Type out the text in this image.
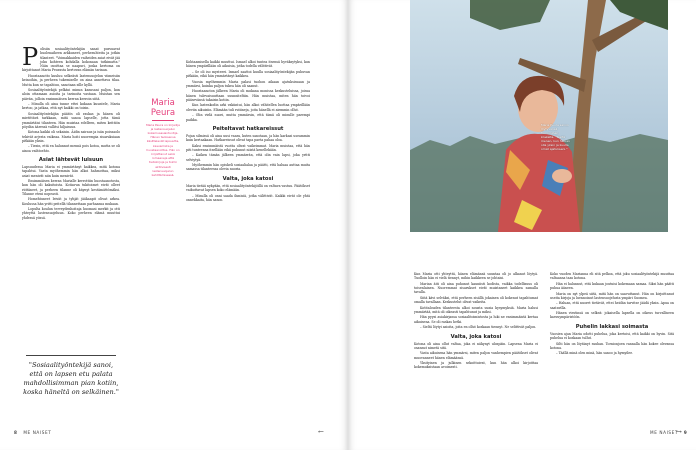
P olisiin sosiaalityöntekijän sanat pursuavat huolenaiheen arkkuneet, perhesuhteita ja jotkin tilanteet. "Voimakkaiden vaiheiden asiat eivät jää joku kohteen kohdalla kokonaan tutkimatta." Näin osoittaa se naapuri, jonka kertoma on kirjoittanut Maria Peurasta kertovan elämän tarinan.

Huostaanotto kuuluu selkeästi lastensuojelun viimeisiin keinoihin, ja perheen tukemiselle on aina annettava tilaa. Mutta kun se tapahtuu, sanotaan sille kyllä.

Sosiaalityöntekijä pelkäsi minun kanssani paljon, kun aloin ottamaan asioita ja tarinoita vastaan. Muistan sen päivän, jolloin ensimmäisen kerran kerroin siitä.

– Minulla oli aina tunne ettei kukaan kuuntele, Maria kertoo, ja jatkaa, että nyt kaikki on toisin.

Sosiaalityöntekijän päätös oli raskas ja hänen oli mietittävä tarkkaan, mitä sanoa lapselle, jotta tämä ymmärtäisi tilanteen. Hän muistaa edelleen, miten keittiön pöydän ääressä vallitsi hiljaisuus.

Kotona kaikki oli sekaisin. Äidin sairaus ja isän poissaolo tekivät arjesta vaikeaa. Maria hoiti nuorempia sisaruksiaan pitkään yksin.

– Tiesin, että en halunnut mennä pois kotoa, mutta se oli ainoa vaihtoehto.

Asiat lähtevät luisuun

Lapsuudessa Maria ei ymmärtänyt kaikkea, mitä kotona tapahtui. Vasta myöhemmin hän alkoi hahmottaa, miksi asiat menivät niin kuin menivät.

Ensimmäisen kerran Marialle kerrottiin huostaanotosta, kun hän oli kaksitoista. Kotiavun tukitoimet eivät olleet riittäneet, ja perheen tilanne oli käynyt kestämättömäksi. Tilanne eteni nopeasti.

Homehtuneet leivät ja tyhjät jääkaapit olivat arkea. Koulussa hän yritti peitellä tilannettaan parhaansa mukaan.

Lopulta koulun terveydenhoitaja huomasi merkit ja otti yhteyttä lastensuojeluun. Koko perheen elämä muuttui yhdessä yössä.

"Sosiaalityöntekijä sanoi, että on lapsen etu palata mahdollisimman pian kotiin, koska häneltä on selkäinen."
Maria
Peura
Maria Peura on kirjailija ja lastensuojelun kokemusasiantuntija. Hänen teoksensa käsittelevät lapsuutta, kasvamista ja huostaanottoa. Hän on kirjoittanut sekä romaaneja että tietokirjoja ja toimii aktiivisesti lastensuojelun kehittämisessä.

Kohtaamisella kaikki muuttui. Ismael alkoi tuntea itsensä hyväksytyksi, kun hänen ympärillään oli aikuisia, jotka todella välittivät.

– Se oli iso mysteeri. Ismael saattoi kuulla sosiaalityöntekijän puhuvan pitkään, eikä hän ymmärtänyt kaikkea.

Vuosia myöhemmin Maria palasi tuohon aikaan ajatuksissaan ja ymmärsi, kuinka paljon tukea hän oli saanut.

Huostaanoton jälkeen Maria oli mukana monissa keskusteluissa, joissa hänen tulevaisuuttaan suunniteltiin. Hän muistaa, miten hän toivoi pääsevänsä takaisin kotiin.

Kun lastenkodin arki vakiintui, hän alkoi vähitellen luottaa ympärillään oleviin aikuisiin. Elämään tuli rutiineja, joita hänellä ei aiemmin ollut.

– Olin vielä nuori, mutta ymmärsin, että tämä oli minulle parempi paikka.

Peiteltavat hatkareissut

Pojan silmissä oli aina uusi vaara, kuten sanotaan, ja hän karkasi useammin kuin kertaakaan. Hatkareissut olivat tapa paeta pahaa oloa.

Kaksi ensimmäistä vuotta olivat vaikeimmat. Maria muistaa, että hän piti tunteensa itsellään eikä puhunut niistä kenellekään.

– Kaiken tämän jälkeen ymmärrän, että olin vain lapsi, joka yritti selviytyä.

Myöhemmin hän opiskeli sosiaalialaa ja päätti, että haluaa auttaa muita samassa tilanteessa olevia nuoria.

Valta, joka katosi

Maria tietää nykyään, että sosiaalityöntekijöillä on valtava vastuu. Päätökset vaikuttavat lapsen koko elämään.

– Minulla oli onni saada ihmisiä, jotka välittivät. Kaikki eivät ole yhtä onnekkaita, hän sanoo.

8 ME NAISET	←
Maria Peura sanoo löytyvänsä Tornionjoen koskelta. "Sieltä menen, kun haluan olla yksin ja kuulla omat ajatukseni."

Kun Maria otti yhteyttä, hänen elämänsä suuntaa oli jo alkanut löytyä. Tuolloin hän ei vielä tiennyt, mihin kaikkeen se johtaisi.

Marian äiti oli aina puhunut kauniisti kodista, vaikka todellisuus oli toisenlainen. Nuoremmat sisarukset eivät muistaneet kaikkea samalla tavalla.

Siitä kävi selväksi, että perheen sisällä jokainen oli kokenut tapahtumat omalla tavallaan. Keskustelut olivat vaikeita.

Kotitalouden tilanteesta alkoi nousta uusia kysymyksiä. Maria halusi ymmärtää, mitä oli oikeasti tapahtunut ja miksi.

Hän pyysi asiakirjansa sosiaalitoimistosta ja luki ne ensimmäistä kertaa aikuisena. Se oli raskas hetki.

– Sieltä löytyi asioita, joita en ollut koskaan tiennyt. Ne selittivät paljon.

Valta, joka katosi

Kotona oli aina ollut valtaa, joka ei näkynyt ulospäin. Lapsena Maria ei osannut nimetä sitä.

Vasta aikuisena hän ymmärsi, miten paljon vanhempien päätökset olivat muovanneet hänen elämäänsä.

Yksityinen ja julkinen sekoittuivat, kun hän alkoi kirjoittaa kokemuksistaan avoimesti.

Koko vuoden Marianna eli sitä pelkoa, että joku sosiaalityöntekijä muuttaa valtaansa taas kotona.

Hän ei halunnut, että kukaan joutuisi kokemaan samaa. Siksi hän päätti puhua ääneen.

Maria on nyt ylpeä siitä, mitä hän on saavuttanut. Hän on kirjoittanut useita kirjoja ja luennoinut lastensuojelusta ympäri Suomea.

– Haluan, että nuoret tietävät, ettei heidän tarvitse jäädä yksin. Apua on saatavilla.

Hänen viestinsä on selkeä: jokaisella lapsella on oikeus turvalliseen kasvuympäristöön.

Puhelin lakkasi soimasta

Vuosien ajan Maria odotti puhelua, joka kertoisi, että kaikki on hyvin. Sitä puhelua ei koskaan tullut.

Silti hän on löytänyt rauhan. Tornionjoen rannalla hän kokee olevansa kotona.

– Täällä minä olen minä, hän sanoo ja hymyilee.

ME NAISET 9
→
